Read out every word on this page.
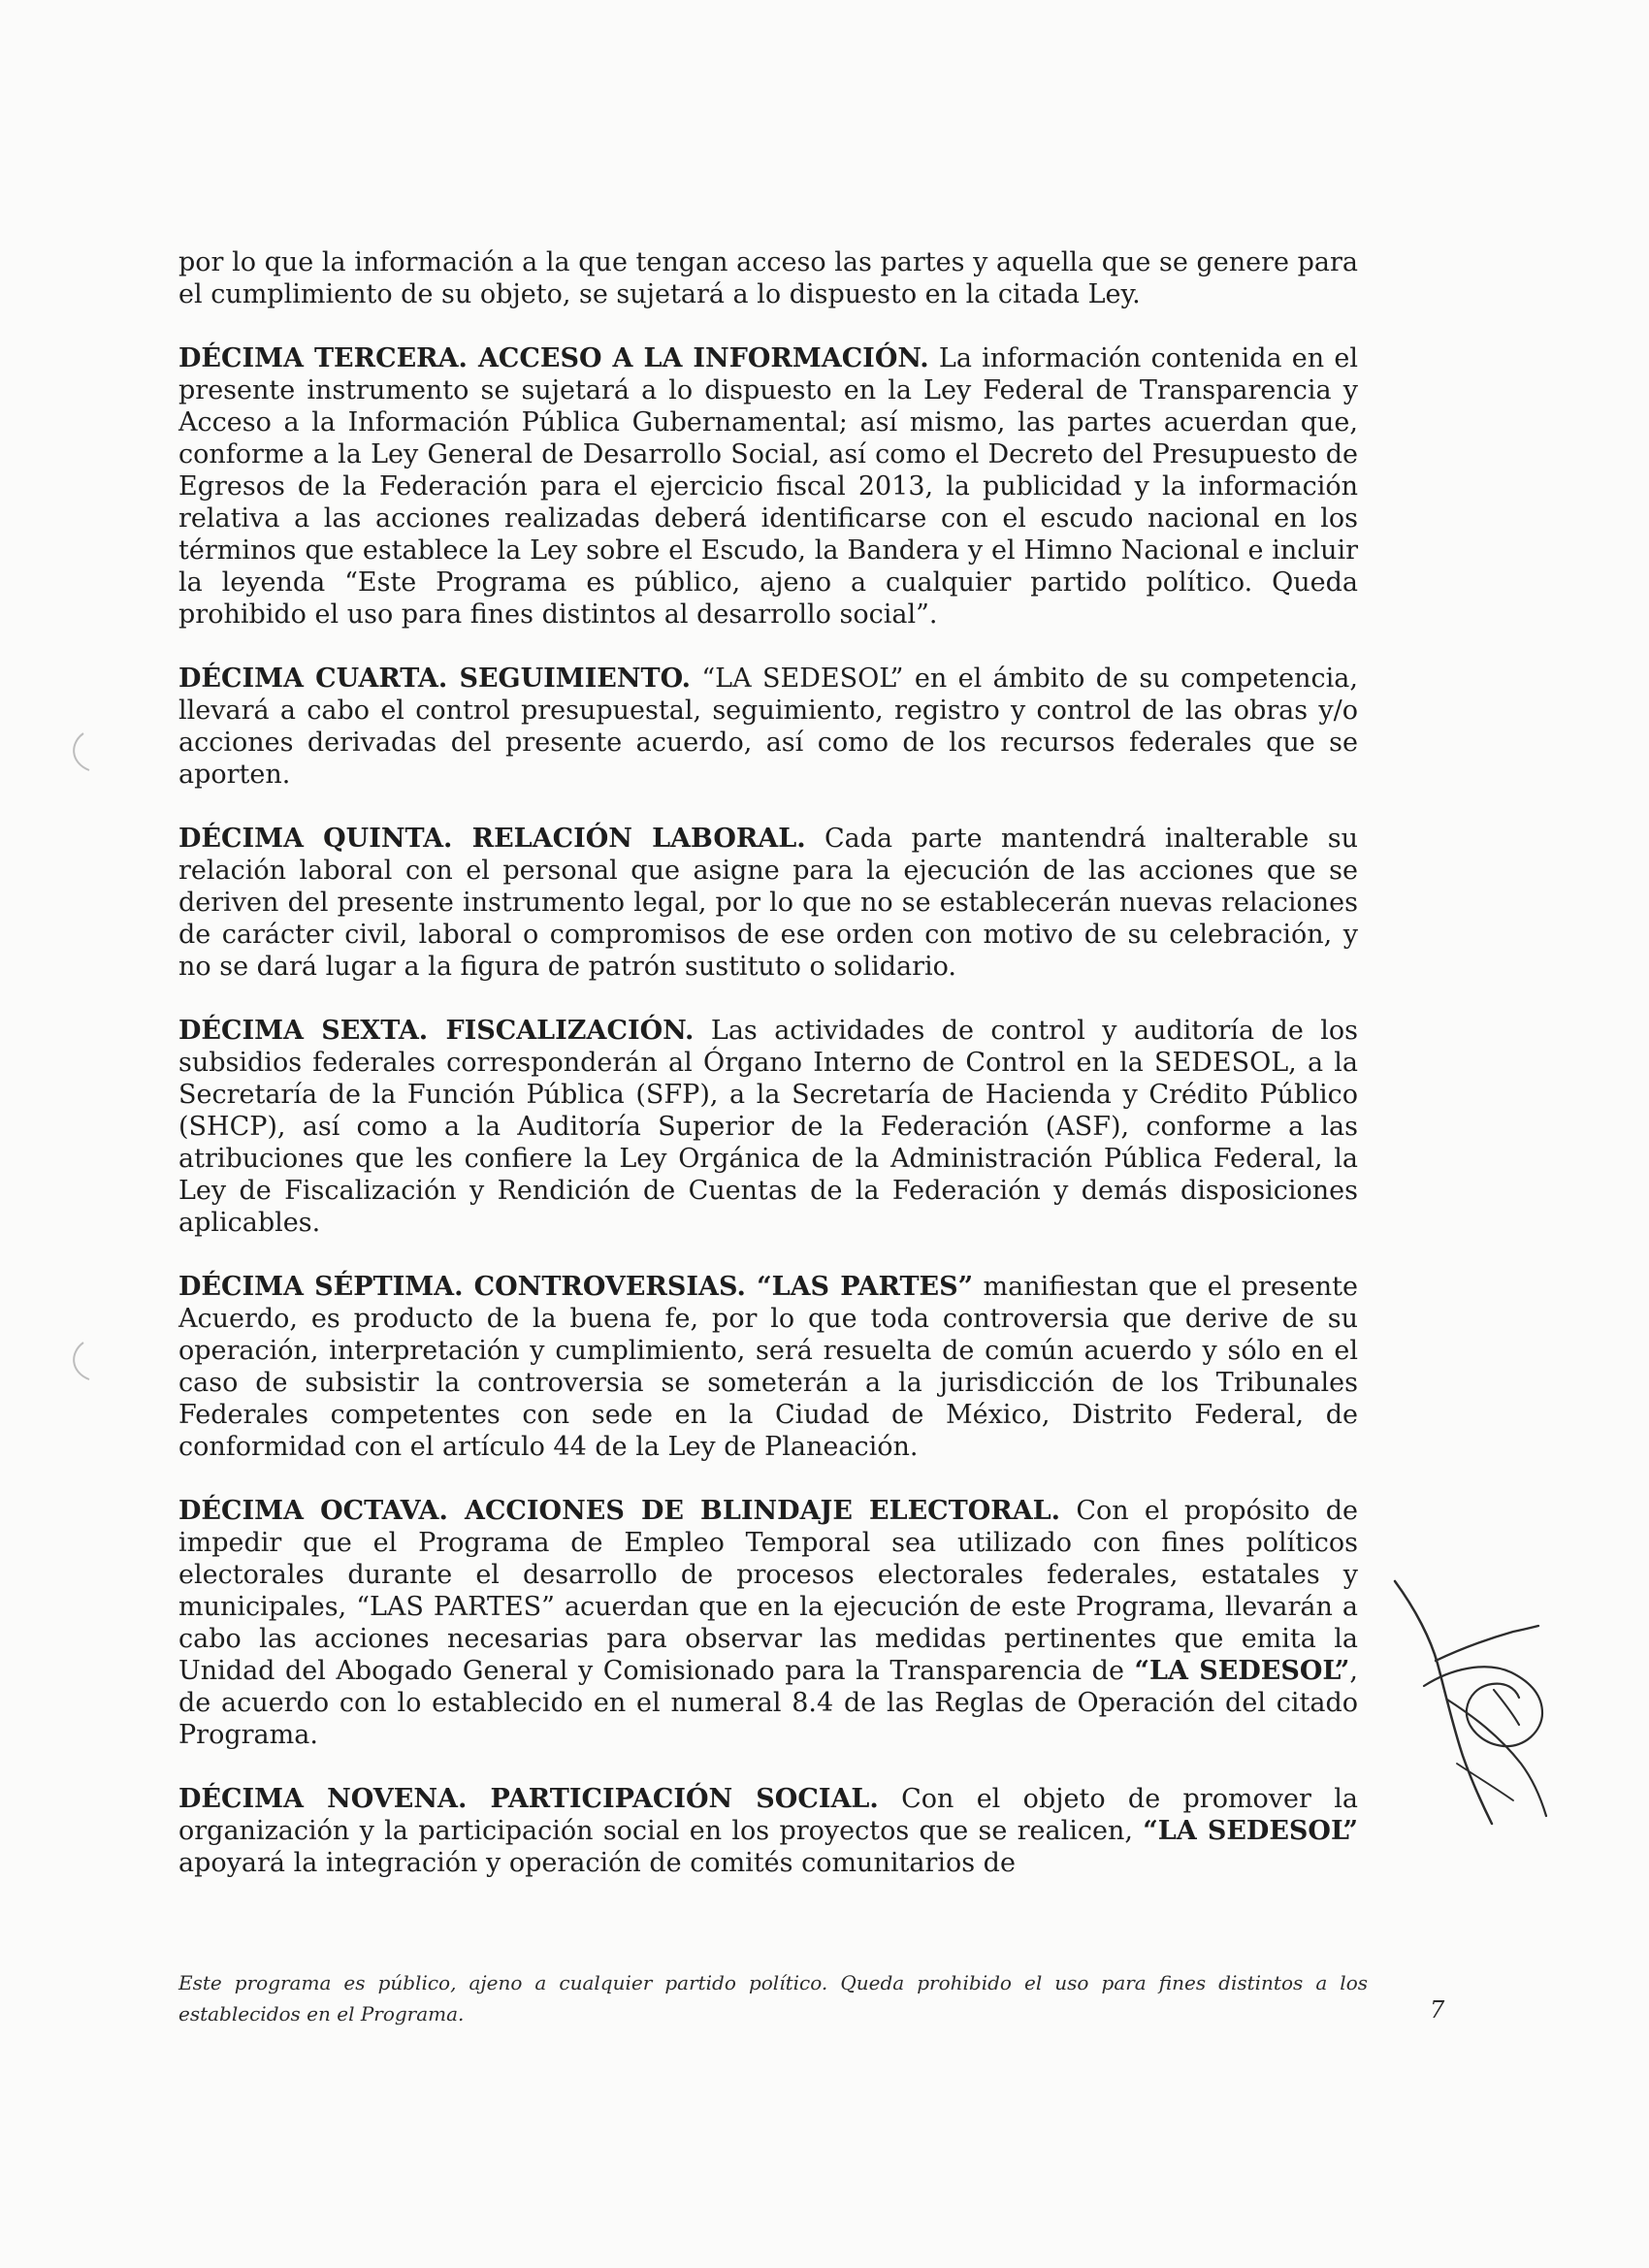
por lo que la información a la que tengan acceso las partes y aquella que se genere para el cumplimiento de su objeto, se sujetará a lo dispuesto en la citada Ley.

DÉCIMA TERCERA. ACCESO A LA INFORMACIÓN. La información contenida en el presente instrumento se sujetará a lo dispuesto en la Ley Federal de Transparencia y Acceso a la Información Pública Gubernamental; así mismo, las partes acuerdan que, conforme a la Ley General de Desarrollo Social, así como el Decreto del Presupuesto de Egresos de la Federación para el ejercicio fiscal 2013, la publicidad y la información relativa a las acciones realizadas deberá identificarse con el escudo nacional en los términos que establece la Ley sobre el Escudo, la Bandera y el Himno Nacional e incluir la leyenda “Este Programa es público, ajeno a cualquier partido político. Queda prohibido el uso para fines distintos al desarrollo social”.

DÉCIMA CUARTA. SEGUIMIENTO. “LA SEDESOL” en el ámbito de su competencia, llevará a cabo el control presupuestal, seguimiento, registro y control de las obras y/o acciones derivadas del presente acuerdo, así como de los recursos federales que se aporten.

DÉCIMA QUINTA. RELACIÓN LABORAL. Cada parte mantendrá inalterable su relación laboral con el personal que asigne para la ejecución de las acciones que se deriven del presente instrumento legal, por lo que no se establecerán nuevas relaciones de carácter civil, laboral o compromisos de ese orden con motivo de su celebración, y no se dará lugar a la figura de patrón sustituto o solidario.

DÉCIMA SEXTA. FISCALIZACIÓN. Las actividades de control y auditoría de los subsidios federales corresponderán al Órgano Interno de Control en la SEDESOL, a la Secretaría de la Función Pública (SFP), a la Secretaría de Hacienda y Crédito Público (SHCP), así como a la Auditoría Superior de la Federación (ASF), conforme a las atribuciones que les confiere la Ley Orgánica de la Administración Pública Federal, la Ley de Fiscalización y Rendición de Cuentas de la Federación y demás disposiciones aplicables.

DÉCIMA SÉPTIMA. CONTROVERSIAS. “LAS PARTES” manifiestan que el presente Acuerdo, es producto de la buena fe, por lo que toda controversia que derive de su operación, interpretación y cumplimiento, será resuelta de común acuerdo y sólo en el caso de subsistir la controversia se someterán a la jurisdicción de los Tribunales Federales competentes con sede en la Ciudad de México, Distrito Federal, de conformidad con el artículo 44 de la Ley de Planeación.

DÉCIMA OCTAVA. ACCIONES DE BLINDAJE ELECTORAL. Con el propósito de impedir que el Programa de Empleo Temporal sea utilizado con fines políticos electorales durante el desarrollo de procesos electorales federales, estatales y municipales, “LAS PARTES” acuerdan que en la ejecución de este Programa, llevarán a cabo las acciones necesarias para observar las medidas pertinentes que emita la Unidad del Abogado General y Comisionado para la Transparencia de “LA SEDESOL”, de acuerdo con lo establecido en el numeral 8.4 de las Reglas de Operación del citado Programa.

DÉCIMA NOVENA. PARTICIPACIÓN SOCIAL. Con el objeto de promover la organización y la participación social en los proyectos que se realicen, “LA SEDESOL” apoyará la integración y operación de comités comunitarios de

Este programa es público, ajeno a cualquier partido político. Queda prohibido el uso para fines distintos a los establecidos en el Programa.	7
